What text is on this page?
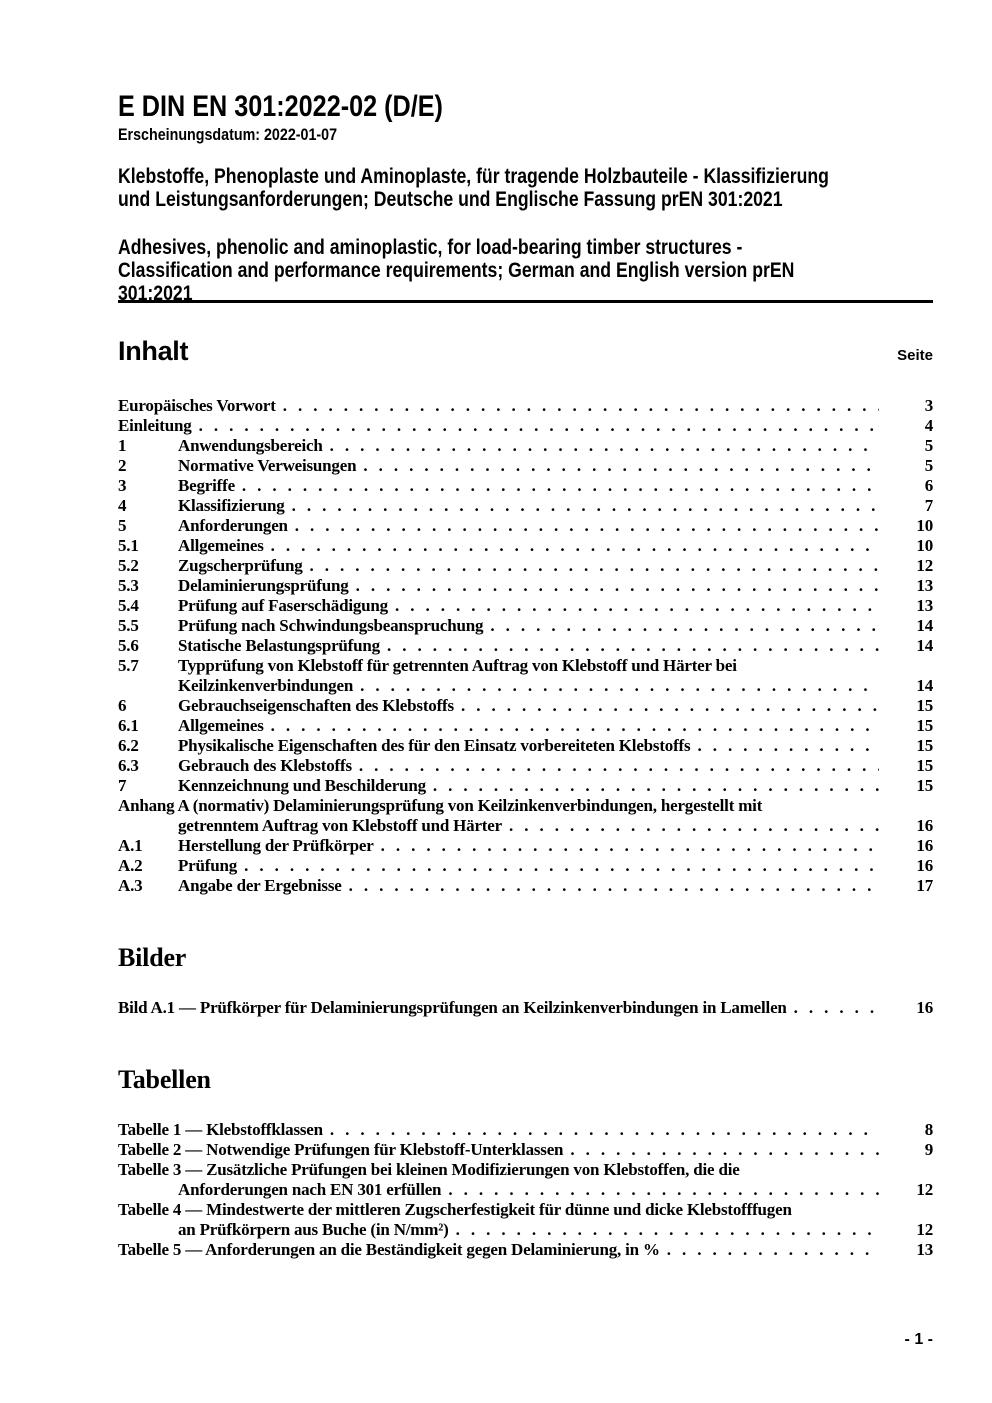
E DIN EN 301:2022-02 (D/E)
Erscheinungsdatum: 2022-01-07
Klebstoffe, Phenoplaste und Aminoplaste, für tragende Holzbauteile - Klassifizierung
und Leistungsanforderungen; Deutsche und Englische Fassung prEN 301:2021
Adhesives, phenolic and aminoplastic, for load-bearing timber structures -
Classification and performance requirements; German and English version prEN
301:2021
Inhalt	Seite
Europäisches Vorwort .....	3
Einleitung .....	4
1	Anwendungsbereich .....	5
2	Normative Verweisungen .....	5
3	Begriffe .....	6
4	Klassifizierung .....	7
5	Anforderungen .....	10
5.1	Allgemeines .....	10
5.2	Zugscherprüfung .....	12
5.3	Delaminierungsprüfung .....	13
5.4	Prüfung auf Faserschädigung .....	13
5.5	Prüfung nach Schwindungsbeanspruchung .....	14
5.6	Statische Belastungsprüfung .....	14
5.7	Typprüfung von Klebstoff für getrennten Auftrag von Klebstoff und Härter bei
Keilzinkenverbindungen .....	14
6	Gebrauchseigenschaften des Klebstoffs .....	15
6.1	Allgemeines .....	15
6.2	Physikalische Eigenschaften des für den Einsatz vorbereiteten Klebstoffs .....	15
6.3	Gebrauch des Klebstoffs .....	15
7	Kennzeichnung und Beschilderung .....	15
Anhang A (normativ) Delaminierungsprüfung von Keilzinkenverbindungen, hergestellt mit
getrenntem Auftrag von Klebstoff und Härter .....	16
A.1	Herstellung der Prüfkörper .....	16
A.2	Prüfung .....	16
A.3	Angabe der Ergebnisse .....	17
Bilder
Bild A.1 — Prüfkörper für Delaminierungsprüfungen an Keilzinkenverbindungen in Lamellen .....	16
Tabellen
Tabelle 1 — Klebstoffklassen .....	8
Tabelle 2 — Notwendige Prüfungen für Klebstoff-Unterklassen .....	9
Tabelle 3 — Zusätzliche Prüfungen bei kleinen Modifizierungen von Klebstoffen, die die
Anforderungen nach EN 301 erfüllen .....	12
Tabelle 4 — Mindestwerte der mittleren Zugscherfestigkeit für dünne und dicke Klebstofffugen
an Prüfkörpern aus Buche (in N/mm²) .....	12
Tabelle 5 — Anforderungen an die Beständigkeit gegen Delaminierung, in % .....	13
- 1 -
